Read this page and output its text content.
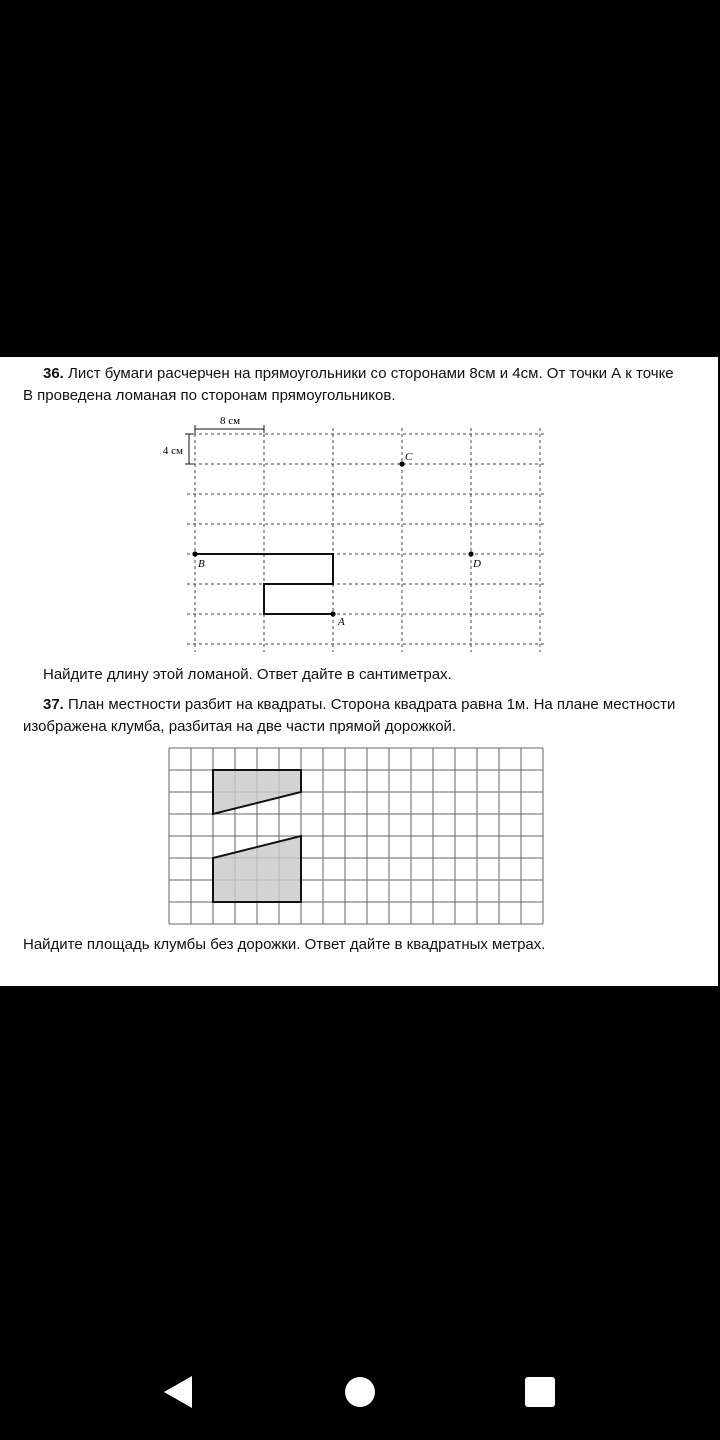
36. Лист бумаги расчерчен на прямоугольники со сторонами 8см и 4см. От точки А к точке
В проведена ломаная по сторонам прямоугольников.
8 см
4 см
B
A
C
D
Найдите длину этой ломаной. Ответ дайте в сантиметрах.
37. План местности разбит на квадраты. Сторона квадрата равна 1м. На плане местности
изображена клумба, разбитая на две части прямой дорожкой.
Найдите площадь клумбы без дорожки. Ответ дайте в квадратных метрах.
